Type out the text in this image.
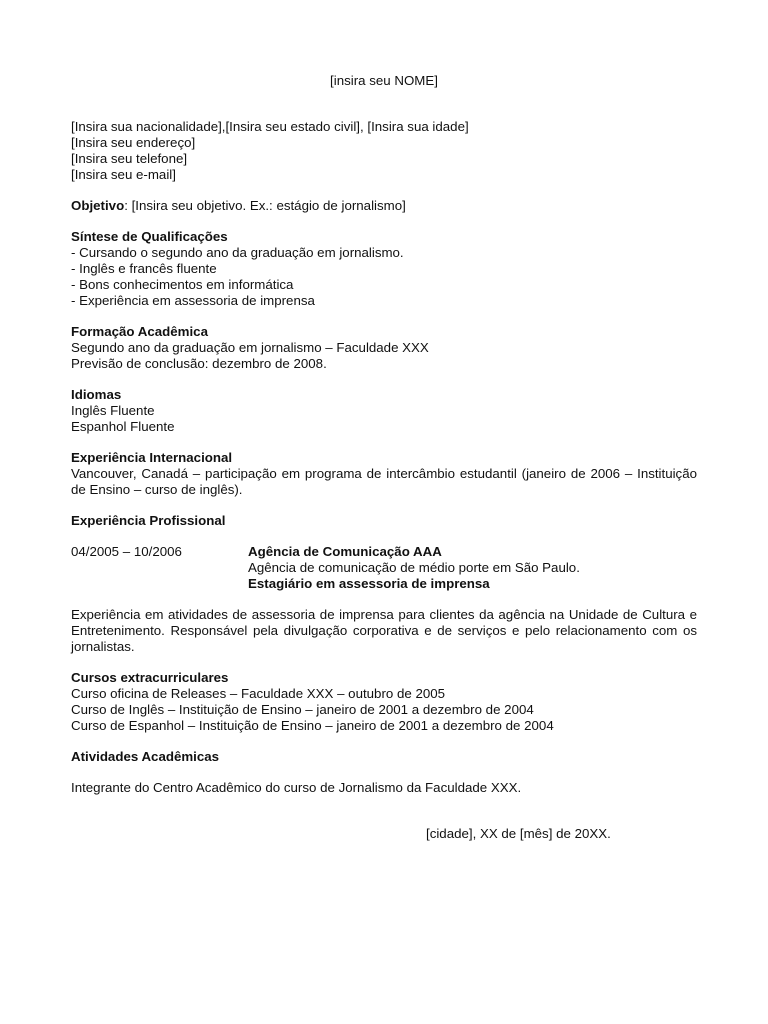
[insira seu NOME]
[Insira sua nacionalidade],[Insira seu estado civil], [Insira sua idade]
[Insira seu endereço]
[Insira seu telefone]
[Insira seu e-mail]
Objetivo: [Insira seu objetivo. Ex.: estágio de jornalismo]
Síntese de Qualificações
- Cursando o segundo ano da graduação em jornalismo.
- Inglês e francês fluente
- Bons conhecimentos em informática
- Experiência em assessoria de imprensa
Formação Acadêmica
Segundo ano da graduação em jornalismo – Faculdade XXX
Previsão de conclusão: dezembro de 2008.
Idiomas
Inglês Fluente
Espanhol Fluente
Experiência Internacional
Vancouver, Canadá – participação em programa de intercâmbio estudantil (janeiro de 2006 – Instituição de Ensino – curso de inglês).
Experiência Profissional
04/2005 – 10/2006	Agência de Comunicação AAA
Agência de comunicação de médio porte em São Paulo.
Estagiário em assessoria de imprensa
Experiência em atividades de assessoria de imprensa para clientes da agência na Unidade de Cultura e Entretenimento. Responsável pela divulgação corporativa e de serviços e pelo relacionamento com os jornalistas.
Cursos extracurriculares
Curso oficina de Releases – Faculdade XXX – outubro de 2005
Curso de Inglês – Instituição de Ensino – janeiro de 2001 a dezembro de 2004
Curso de Espanhol – Instituição de Ensino – janeiro de 2001 a dezembro de 2004
Atividades Acadêmicas
Integrante do Centro Acadêmico do curso de Jornalismo da Faculdade XXX.
[cidade], XX de [mês] de 20XX.
